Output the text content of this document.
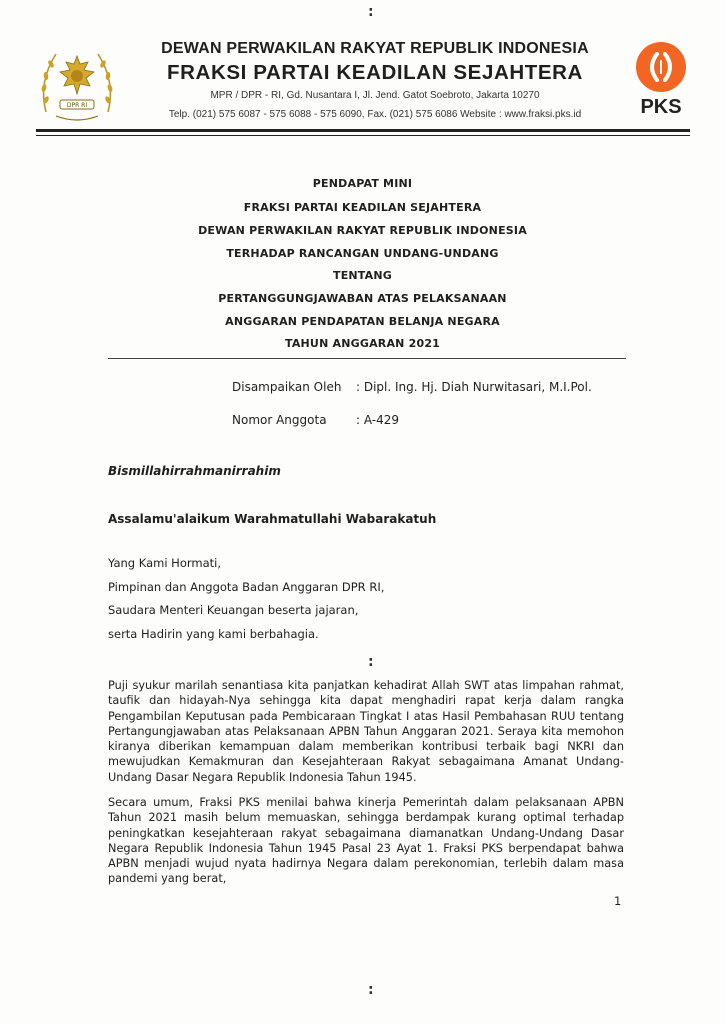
:
DPR RI
DEWAN PERWAKILAN RAKYAT REPUBLIK INDONESIA
FRAKSI PARTAI KEADILAN SEJAHTERA
MPR / DPR - RI, Gd. Nusantara I, Jl. Jend. Gatot Soebroto, Jakarta 10270
Telp. (021) 575 6087 - 575 6088 - 575 6090, Fax. (021) 575 6086 Website : www.fraksi.pks.id	PKS
PENDAPAT MINI
FRAKSI PARTAI KEADILAN SEJAHTERA
DEWAN PERWAKILAN RAKYAT REPUBLIK INDONESIA
TERHADAP RANCANGAN UNDANG-UNDANG
TENTANG
PERTANGGUNGJAWABAN ATAS PELAKSANAAN
ANGGARAN PENDAPATAN BELANJA NEGARA
TAHUN ANGGARAN 2021
Disampaikan Oleh : Dipl. Ing. Hj. Diah Nurwitasari, M.I.Pol.
Nomor Anggota : A-429
Bismillahirrahmanirrahim
Assalamu'alaikum Warahmatullahi Wabarakatuh
Yang Kami Hormati,
Pimpinan dan Anggota Badan Anggaran DPR RI,
Saudara Menteri Keuangan beserta jajaran,
serta Hadirin yang kami berbahagia.
:
Puji syukur marilah senantiasa kita panjatkan kehadirat Allah SWT atas limpahan rahmat, taufik dan hidayah-Nya sehingga kita dapat menghadiri rapat kerja dalam rangka Pengambilan Keputusan pada Pembicaraan Tingkat I atas Hasil Pembahasan RUU tentang Pertangungjawaban atas Pelaksanaan APBN Tahun Anggaran 2021. Seraya kita memohon kiranya diberikan kemampuan dalam memberikan kontribusi terbaik bagi NKRI dan mewujudkan Kemakmuran dan Kesejahteraan Rakyat sebagaimana Amanat Undang-Undang Dasar Negara Republik Indonesia Tahun 1945.
Secara umum, Fraksi PKS menilai bahwa kinerja Pemerintah dalam pelaksanaan APBN Tahun 2021 masih belum memuaskan, sehingga berdampak kurang optimal terhadap peningkatkan kesejahteraan rakyat sebagaimana diamanatkan Undang-Undang Dasar Negara Republik Indonesia Tahun 1945 Pasal 23 Ayat 1. Fraksi PKS berpendapat bahwa APBN menjadi wujud nyata hadirnya Negara dalam perekonomian, terlebih dalam masa pandemi yang berat,
1
:
